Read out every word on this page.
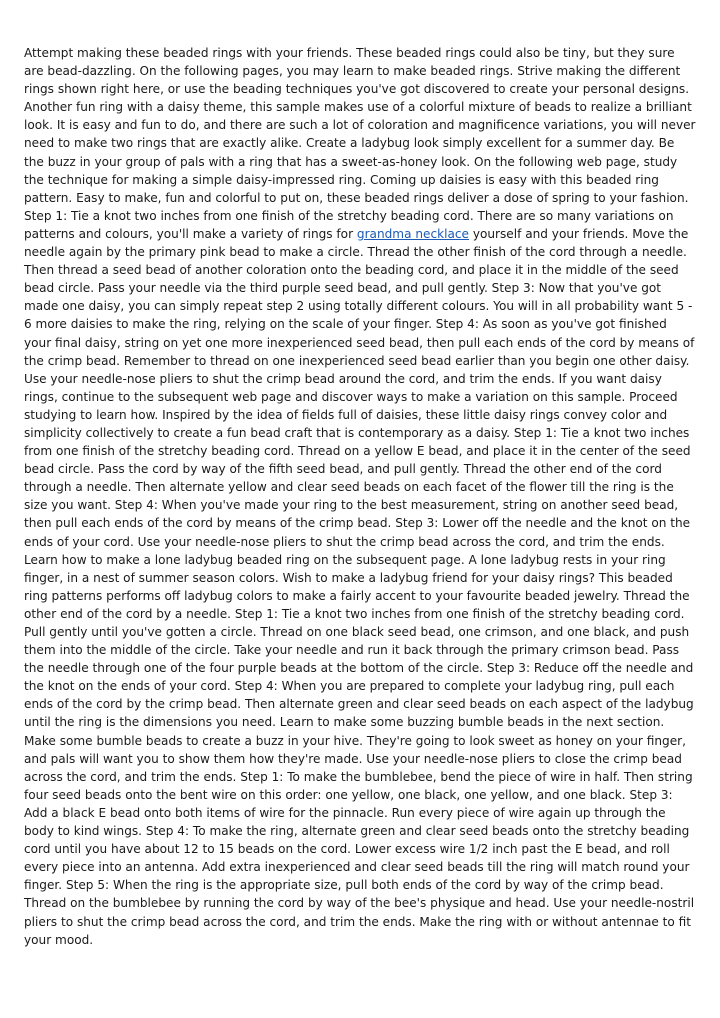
Attempt making these beaded rings with your friends. These beaded rings could also be tiny, but they sure are bead-dazzling. On the following pages, you may learn to make beaded rings. Strive making the different rings shown right here, or use the beading techniques you've got discovered to create your personal designs. Another fun ring with a daisy theme, this sample makes use of a colorful mixture of beads to realize a brilliant look. It is easy and fun to do, and there are such a lot of coloration and magnificence variations, you will never need to make two rings that are exactly alike. Create a ladybug look simply excellent for a summer day. Be the buzz in your group of pals with a ring that has a sweet-as-honey look. On the following web page, study the technique for making a simple daisy-impressed ring. Coming up daisies is easy with this beaded ring pattern. Easy to make, fun and colorful to put on, these beaded rings deliver a dose of spring to your fashion. Step 1: Tie a knot two inches from one finish of the stretchy beading cord. There are so many variations on patterns and colours, you'll make a variety of rings for grandma necklace yourself and your friends. Move the needle again by the primary pink bead to make a circle. Thread the other finish of the cord through a needle. Then thread a seed bead of another coloration onto the beading cord, and place it in the middle of the seed bead circle. Pass your needle via the third purple seed bead, and pull gently. Step 3: Now that you've got made one daisy, you can simply repeat step 2 using totally different colours. You will in all probability want 5 - 6 more daisies to make the ring, relying on the scale of your finger. Step 4: As soon as you've got finished your final daisy, string on yet one more inexperienced seed bead, then pull each ends of the cord by means of the crimp bead. Remember to thread on one inexperienced seed bead earlier than you begin one other daisy. Use your needle-nose pliers to shut the crimp bead around the cord, and trim the ends. If you want daisy rings, continue to the subsequent web page and discover ways to make a variation on this sample. Proceed studying to learn how. Inspired by the idea of fields full of daisies, these little daisy rings convey color and simplicity collectively to create a fun bead craft that is contemporary as a daisy. Step 1: Tie a knot two inches from one finish of the stretchy beading cord. Thread on a yellow E bead, and place it in the center of the seed bead circle. Pass the cord by way of the fifth seed bead, and pull gently. Thread the other end of the cord through a needle. Then alternate yellow and clear seed beads on each facet of the flower till the ring is the size you want. Step 4: When you've made your ring to the best measurement, string on another seed bead, then pull each ends of the cord by means of the crimp bead. Step 3: Lower off the needle and the knot on the ends of your cord. Use your needle-nose pliers to shut the crimp bead across the cord, and trim the ends. Learn how to make a lone ladybug beaded ring on the subsequent page. A lone ladybug rests in your ring finger, in a nest of summer season colors. Wish to make a ladybug friend for your daisy rings? This beaded ring patterns performs off ladybug colors to make a fairly accent to your favourite beaded jewelry. Thread the other end of the cord by a needle. Step 1: Tie a knot two inches from one finish of the stretchy beading cord. Pull gently until you've gotten a circle. Thread on one black seed bead, one crimson, and one black, and push them into the middle of the circle. Take your needle and run it back through the primary crimson bead. Pass the needle through one of the four purple beads at the bottom of the circle. Step 3: Reduce off the needle and the knot on the ends of your cord. Step 4: When you are prepared to complete your ladybug ring, pull each ends of the cord by the crimp bead. Then alternate green and clear seed beads on each aspect of the ladybug until the ring is the dimensions you need. Learn to make some buzzing bumble beads in the next section. Make some bumble beads to create a buzz in your hive. They're going to look sweet as honey on your finger, and pals will want you to show them how they're made. Use your needle-nose pliers to close the crimp bead across the cord, and trim the ends. Step 1: To make the bumblebee, bend the piece of wire in half. Then string four seed beads onto the bent wire on this order: one yellow, one black, one yellow, and one black. Step 3: Add a black E bead onto both items of wire for the pinnacle. Run every piece of wire again up through the body to kind wings. Step 4: To make the ring, alternate green and clear seed beads onto the stretchy beading cord until you have about 12 to 15 beads on the cord. Lower excess wire 1/2 inch past the E bead, and roll every piece into an antenna. Add extra inexperienced and clear seed beads till the ring will match round your finger. Step 5: When the ring is the appropriate size, pull both ends of the cord by way of the crimp bead. Thread on the bumblebee by running the cord by way of the bee's physique and head. Use your needle-nostril pliers to shut the crimp bead across the cord, and trim the ends. Make the ring with or without antennae to fit your mood.
